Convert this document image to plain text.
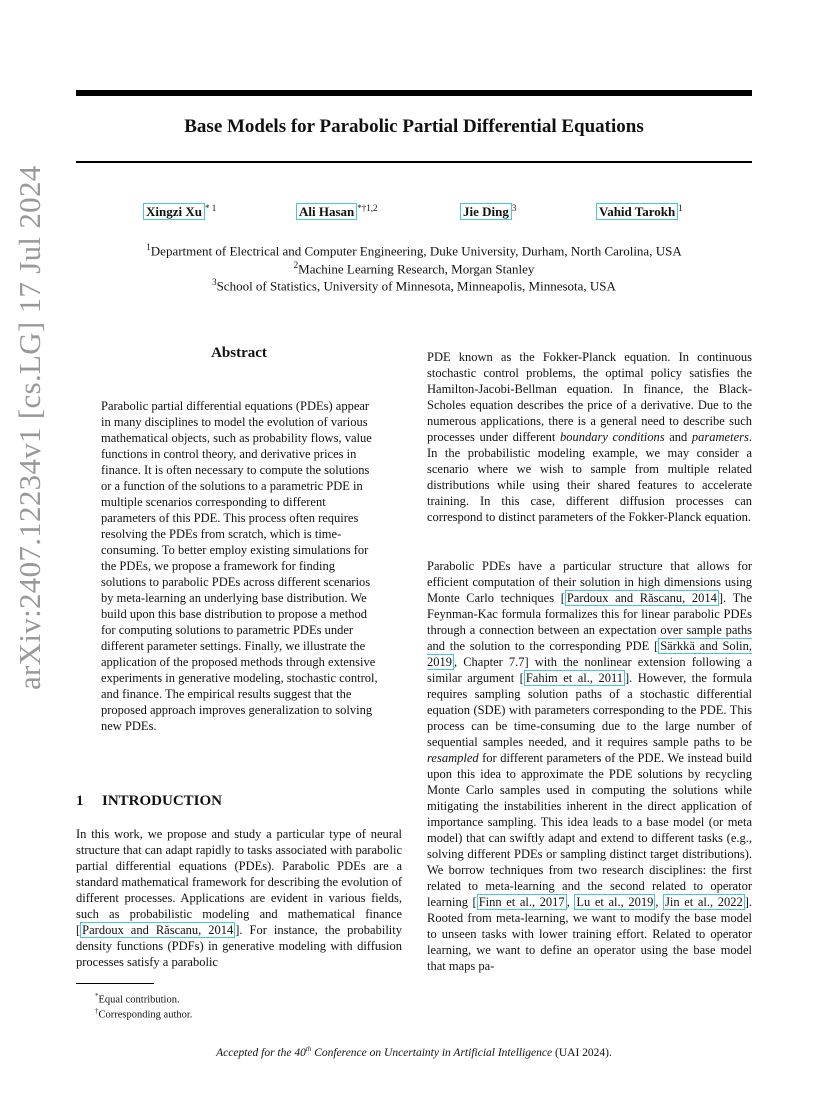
Base Models for Parabolic Partial Differential Equations
Xingzi Xu $^{* 1}$	Ali Hasan $^{*\dagger 1,2}$	Jie Ding $^3$	Vahid Tarokh $^1$
$^1$Department of Electrical and Computer Engineering, Duke University, Durham, North Carolina, USA
$^2$Machine Learning Research, Morgan Stanley
$^3$School of Statistics, University of Minnesota, Minneapolis, Minnesota, USA
arXiv:2407.12234v1 [cs.LG] 17 Jul 2024	Abstract

Parabolic partial differential equations (PDEs) appear in many disciplines to model the evolution of various mathematical objects, such as probability flows, value functions in control theory, and derivative prices in finance. It is often necessary to compute the solutions or a function of the solutions to a parametric PDE in multiple scenarios corresponding to different parameters of this PDE. This process often requires resolving the PDEs from scratch, which is time-consuming. To better employ existing simulations for the PDEs, we propose a framework for finding solutions to parabolic PDEs across different scenarios by meta-learning an underlying base distribution. We build upon this base distribution to propose a method for computing solutions to parametric PDEs under different parameter settings. Finally, we illustrate the application of the proposed methods through extensive experiments in generative modeling, stochastic control, and finance. The empirical results suggest that the proposed approach improves generalization to solving new PDEs.

1 INTRODUCTION

In this work, we propose and study a particular type of neural structure that can adapt rapidly to tasks associated with parabolic partial differential equations (PDEs). Parabolic PDEs are a standard mathematical framework for describing the evolution of different processes. Applications are evident in various fields, such as probabilistic modeling and mathematical finance [ Pardoux and Răscanu, 2014 ]. For instance, the probability density functions (PDFs) in generative modeling with diffusion processes satisfy a parabolic

*Equal contribution.

†Corresponding author.

PDE known as the Fokker-Planck equation. In continuous stochastic control problems, the optimal policy satisfies the Hamilton-Jacobi-Bellman equation. In finance, the Black-Scholes equation describes the price of a derivative. Due to the numerous applications, there is a general need to describe such processes under different boundary conditions and parameters. In the probabilistic modeling example, we may consider a scenario where we wish to sample from multiple related distributions while using their shared features to accelerate training. In this case, different diffusion processes can correspond to distinct parameters of the Fokker-Planck equation.

Parabolic PDEs have a particular structure that allows for efficient computation of their solution in high dimensions using Monte Carlo techniques [ Pardoux and Răscanu, 2014 ]. The Feynman-Kac formula formalizes this for linear parabolic PDEs through a connection between an expectation over sample paths and the solution to the corresponding PDE [ Särkkä and Solin, 2019 , Chapter 7.7] with the nonlinear extension following a similar argument [ Fahim et al., 2011 ]. However, the formula requires sampling solution paths of a stochastic differential equation (SDE) with parameters corresponding to the PDE. This process can be time-consuming due to the large number of sequential samples needed, and it requires sample paths to be resampled for different parameters of the PDE. We instead build upon this idea to approximate the PDE solutions by recycling Monte Carlo samples used in computing the solutions while mitigating the instabilities inherent in the direct application of importance sampling. This idea leads to a base model (or meta model) that can swiftly adapt and extend to different tasks (e.g., solving different PDEs or sampling distinct target distributions). We borrow techniques from two research disciplines: the first related to meta-learning and the second related to operator learning [ Finn et al., 2017 , Lu et al., 2019 , Jin et al., 2022 ]. Rooted from meta-learning, we want to modify the base model to unseen tasks with lower training effort. Related to operator learning, we want to define an operator using the base model that maps pa-

Accepted for the 40th Conference on Uncertainty in Artificial Intelligence (UAI 2024).
